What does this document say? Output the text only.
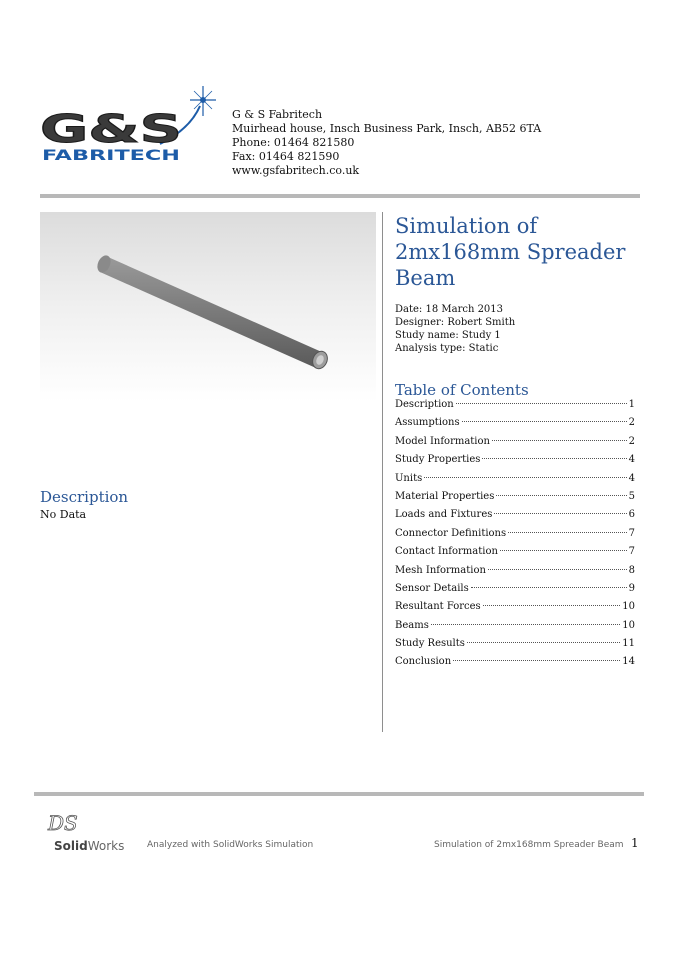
G&S
FABRITECH
G & S Fabritech
Muirhead house, Insch Business Park, Insch, AB52 6TA
Phone: 01464 821580
Fax: 01464 821590
www.gsfabritech.co.uk
Description
No Data
Simulation of 2mx168mm Spreader Beam
Date: 18 March 2013
Designer: Robert Smith
Study name: Study 1
Analysis type: Static
Table of Contents
Description	1
Assumptions	2
Model Information	2
Study Properties	4
Units	4
Material Properties	5
Loads and Fixtures	6
Connector Definitions	7
Contact Information	7
Mesh Information	8
Sensor Details	9
Resultant Forces	10
Beams	10
Study Results	11
Conclusion	14
DS
SolidWorks	Analyzed with SolidWorks Simulation	Simulation of 2mx168mm Spreader Beam 1
